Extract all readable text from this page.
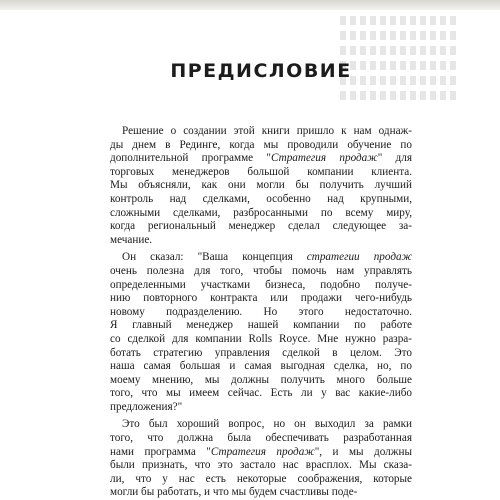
ПРЕДИСЛОВИЕ
Решение о создании этой книги пришло к нам однаж-
ды днем в Рединге, когда мы проводили обучение по
дополнительной программе "Стратегия продаж" для
торговых менеджеров большой компании клиента.
Мы объясняли, как они могли бы получить лучший
контроль над сделками, особенно над крупными,
сложными сделками, разбросанными по всему миру,
когда региональный менеджер сделал следующее за-
мечание.
Он сказал: "Ваша концепция стратегии продаж
очень полезна для того, чтобы помочь нам управлять
определенными участками бизнеса, подобно получе-
нию повторного контракта или продажи чего-нибудь
новому подразделению. Но этого недостаточно.
Я главный менеджер нашей компании по работе
со сделкой для компании Rolls Royce. Мне нужно разра-
ботать стратегию управления сделкой в целом. Это
наша самая большая и самая выгодная сделка, но, по
моему мнению, мы должны получить много больше
того, что мы имеем сейчас. Есть ли у вас какие-либо
предложения?"
Это был хороший вопрос, но он выходил за рамки
того, что должна была обеспечивать разработанная
нами программа "Стратегия продаж", и мы должны
были признать, что это застало нас врасплох. Мы сказа-
ли, что у нас есть некоторые соображения, которые
могли бы работать, и что мы будем счастливы поде-
